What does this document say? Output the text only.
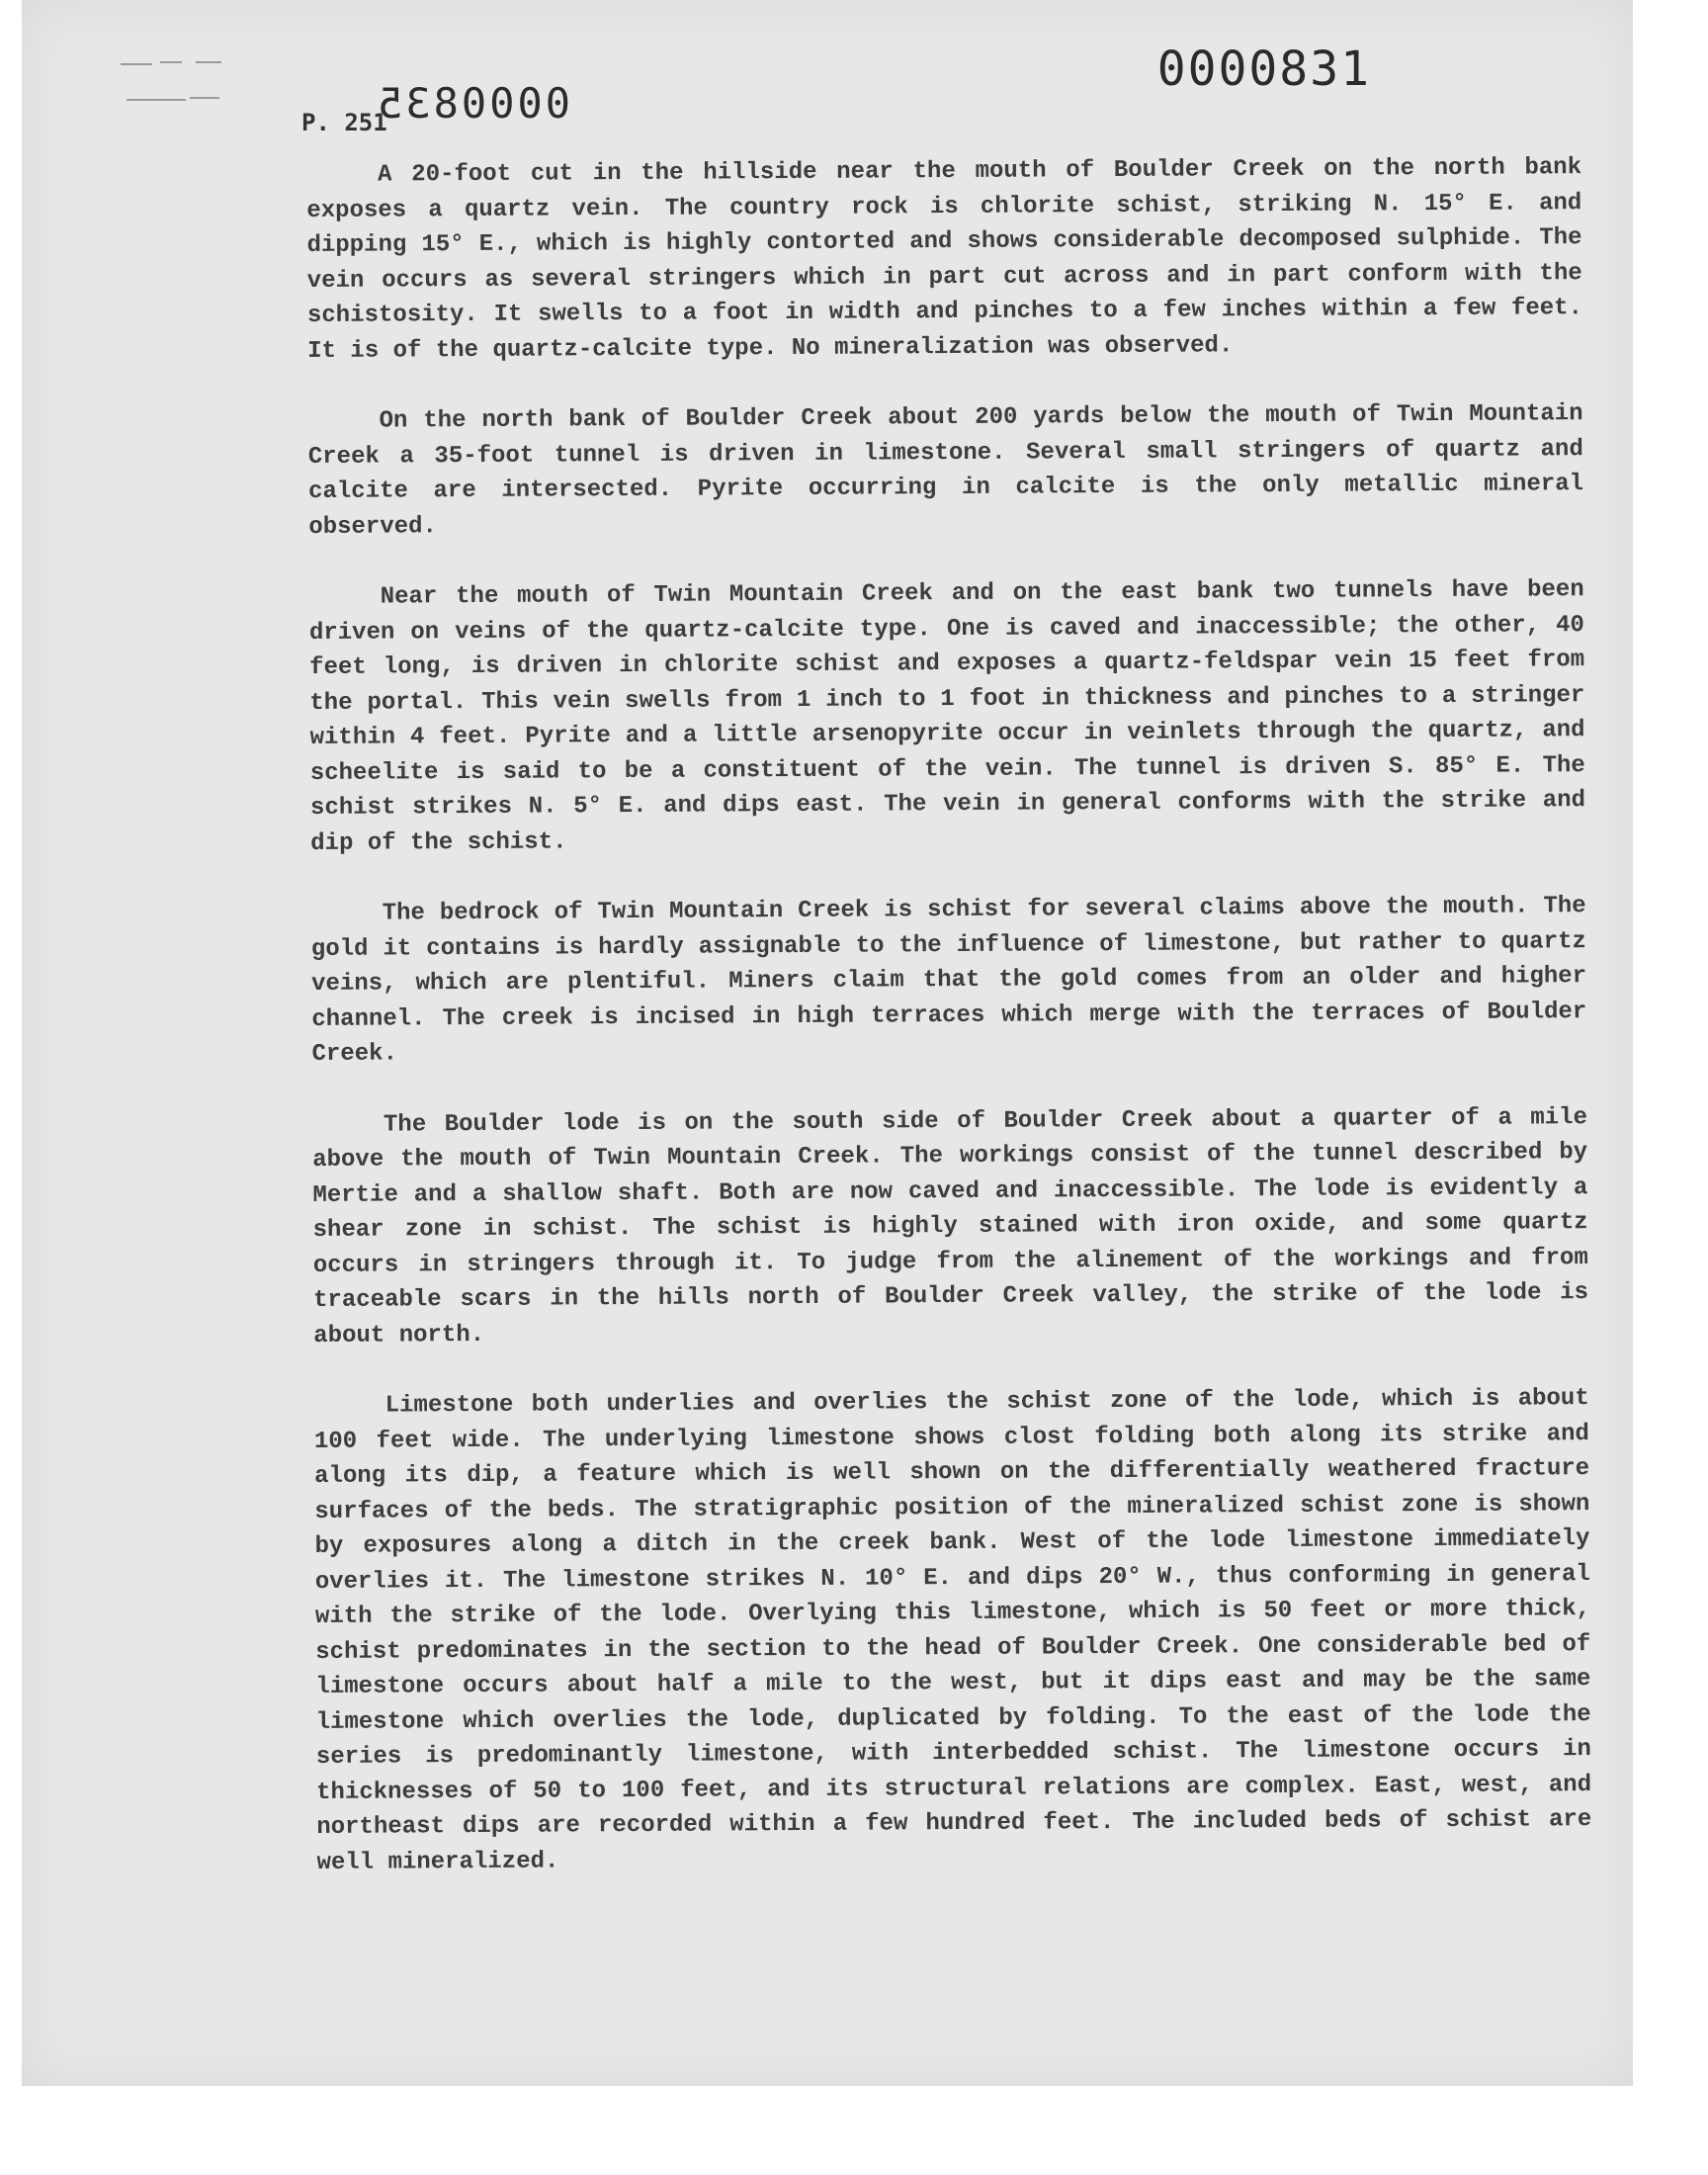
0000831
P. 251
0000835

A 20-foot cut in the hillside near the mouth of Boulder Creek on the north bank exposes a quartz vein. The country rock is chlorite schist, striking N. 15° E. and dipping 15° E., which is highly contorted and shows considerable decomposed sulphide. The vein occurs as several stringers which in part cut across and in part conform with the schistosity. It swells to a foot in width and pinches to a few inches within a few feet. It is of the quartz-calcite type. No mineralization was observed.

On the north bank of Boulder Creek about 200 yards below the mouth of Twin Mountain Creek a 35-foot tunnel is driven in limestone. Several small stringers of quartz and calcite are intersected. Pyrite occurring in calcite is the only metallic mineral observed.

Near the mouth of Twin Mountain Creek and on the east bank two tunnels have been driven on veins of the quartz-calcite type. One is caved and inaccessible; the other, 40 feet long, is driven in chlorite schist and exposes a quartz-feldspar vein 15 feet from the portal. This vein swells from 1 inch to 1 foot in thickness and pinches to a stringer within 4 feet. Pyrite and a little arsenopyrite occur in veinlets through the quartz, and scheelite is said to be a constituent of the vein. The tunnel is driven S. 85° E. The schist strikes N. 5° E. and dips east. The vein in general conforms with the strike and dip of the schist.

The bedrock of Twin Mountain Creek is schist for several claims above the mouth. The gold it contains is hardly assignable to the influence of limestone, but rather to quartz veins, which are plentiful. Miners claim that the gold comes from an older and higher channel. The creek is incised in high terraces which merge with the terraces of Boulder Creek.

The Boulder lode is on the south side of Boulder Creek about a quarter of a mile above the mouth of Twin Mountain Creek. The workings consist of the tunnel described by Mertie and a shallow shaft. Both are now caved and inaccessible. The lode is evidently a shear zone in schist. The schist is highly stained with iron oxide, and some quartz occurs in stringers through it. To judge from the alinement of the workings and from traceable scars in the hills north of Boulder Creek valley, the strike of the lode is about north.

Limestone both underlies and overlies the schist zone of the lode, which is about 100 feet wide. The underlying limestone shows clost folding both along its strike and along its dip, a feature which is well shown on the differentially weathered fracture surfaces of the beds. The stratigraphic position of the mineralized schist zone is shown by exposures along a ditch in the creek bank. West of the lode limestone immediately overlies it. The limestone strikes N. 10° E. and dips 20° W., thus conforming in general with the strike of the lode. Overlying this limestone, which is 50 feet or more thick, schist predominates in the section to the head of Boulder Creek. One considerable bed of limestone occurs about half a mile to the west, but it dips east and may be the same limestone which overlies the lode, duplicated by folding. To the east of the lode the series is predominantly limestone, with interbedded schist. The limestone occurs in thicknesses of 50 to 100 feet, and its structural relations are complex. East, west, and northeast dips are recorded within a few hundred feet. The included beds of schist are well mineralized.
